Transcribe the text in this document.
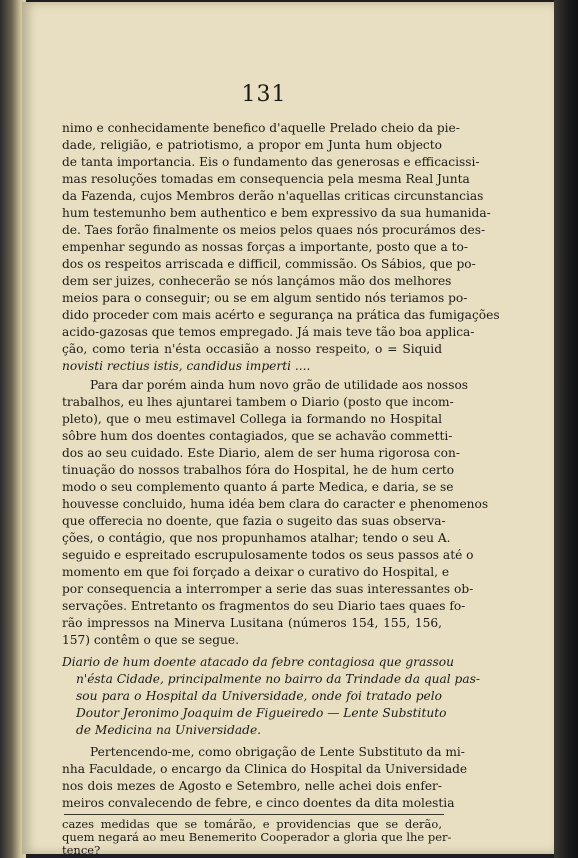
131
nimo e conhecidamente benefico d'aquelle Prelado cheio da pie-
dade, religião, e patriotismo, a propor em Junta hum objecto
de tanta importancia. Eis o fundamento das generosas e efficacissi-
mas resoluções tomadas em consequencia pela mesma Real Junta
da Fazenda, cujos Membros derão n'aquellas criticas circunstancias
hum testemunho bem authentico e bem expressivo da sua humanida-
de. Taes forão finalmente os meios pelos quaes nós procurámos des-
empenhar segundo as nossas forças a importante, posto que a to-
dos os respeitos arriscada e difficil, commissão. Os Sábios, que po-
dem ser juizes, conhecerão se nós lançámos mão dos melhores
meios para o conseguir; ou se em algum sentido nós teriamos po-
dido proceder com mais acérto e segurança na prática das fumigações
acido-gazosas que temos empregado. Já mais teve tão boa applica-
ção, como teria n'ésta occasião a nosso respeito, o = Siquid
novisti rectius istis, candidus imperti ....
Para dar porém ainda hum novo grão de utilidade aos nossos
trabalhos, eu lhes ajuntarei tambem o Diario (posto que incom-
pleto), que o meu estimavel Collega ia formando no Hospital
sôbre hum dos doentes contagiados, que se achavão commetti-
dos ao seu cuidado. Este Diario, alem de ser huma rigorosa con-
tinuação do nossos trabalhos fóra do Hospital, he de hum certo
modo o seu complemento quanto á parte Medica, e daria, se se
houvesse concluido, huma idéa bem clara do caracter e phenomenos
que offerecia no doente, que fazia o sugeito das suas observa-
ções, o contágio, que nos propunhamos atalhar; tendo o seu A.
seguido e espreitado escrupulosamente todos os seus passos até o
momento em que foi forçado a deixar o curativo do Hospital, e
por consequencia a interromper a serie das suas interessantes ob-
servações. Entretanto os fragmentos do seu Diario taes quaes fo-
rão impressos na Minerva Lusitana (números 154, 155, 156,
157) contêm o que se segue.
Diario de hum doente atacado da febre contagiosa que grassou
n'ésta Cidade, principalmente no bairro da Trindade da qual pas-
sou para o Hospital da Universidade, onde foi tratado pelo
Doutor Jeronimo Joaquim de Figueiredo — Lente Substituto
de Medicina na Universidade.
Pertencendo-me, como obrigação de Lente Substituto da mi-
nha Faculdade, o encargo da Clinica do Hospital da Universidade
nos dois mezes de Agosto e Setembro, nelle achei dois enfer-
meiros convalecendo de febre, e cinco doentes da dita molestia
cazes medidas que se tomárão, e providencias que se derão,
quem negará ao meu Benemerito Cooperador a gloria que lhe per-
tence?
